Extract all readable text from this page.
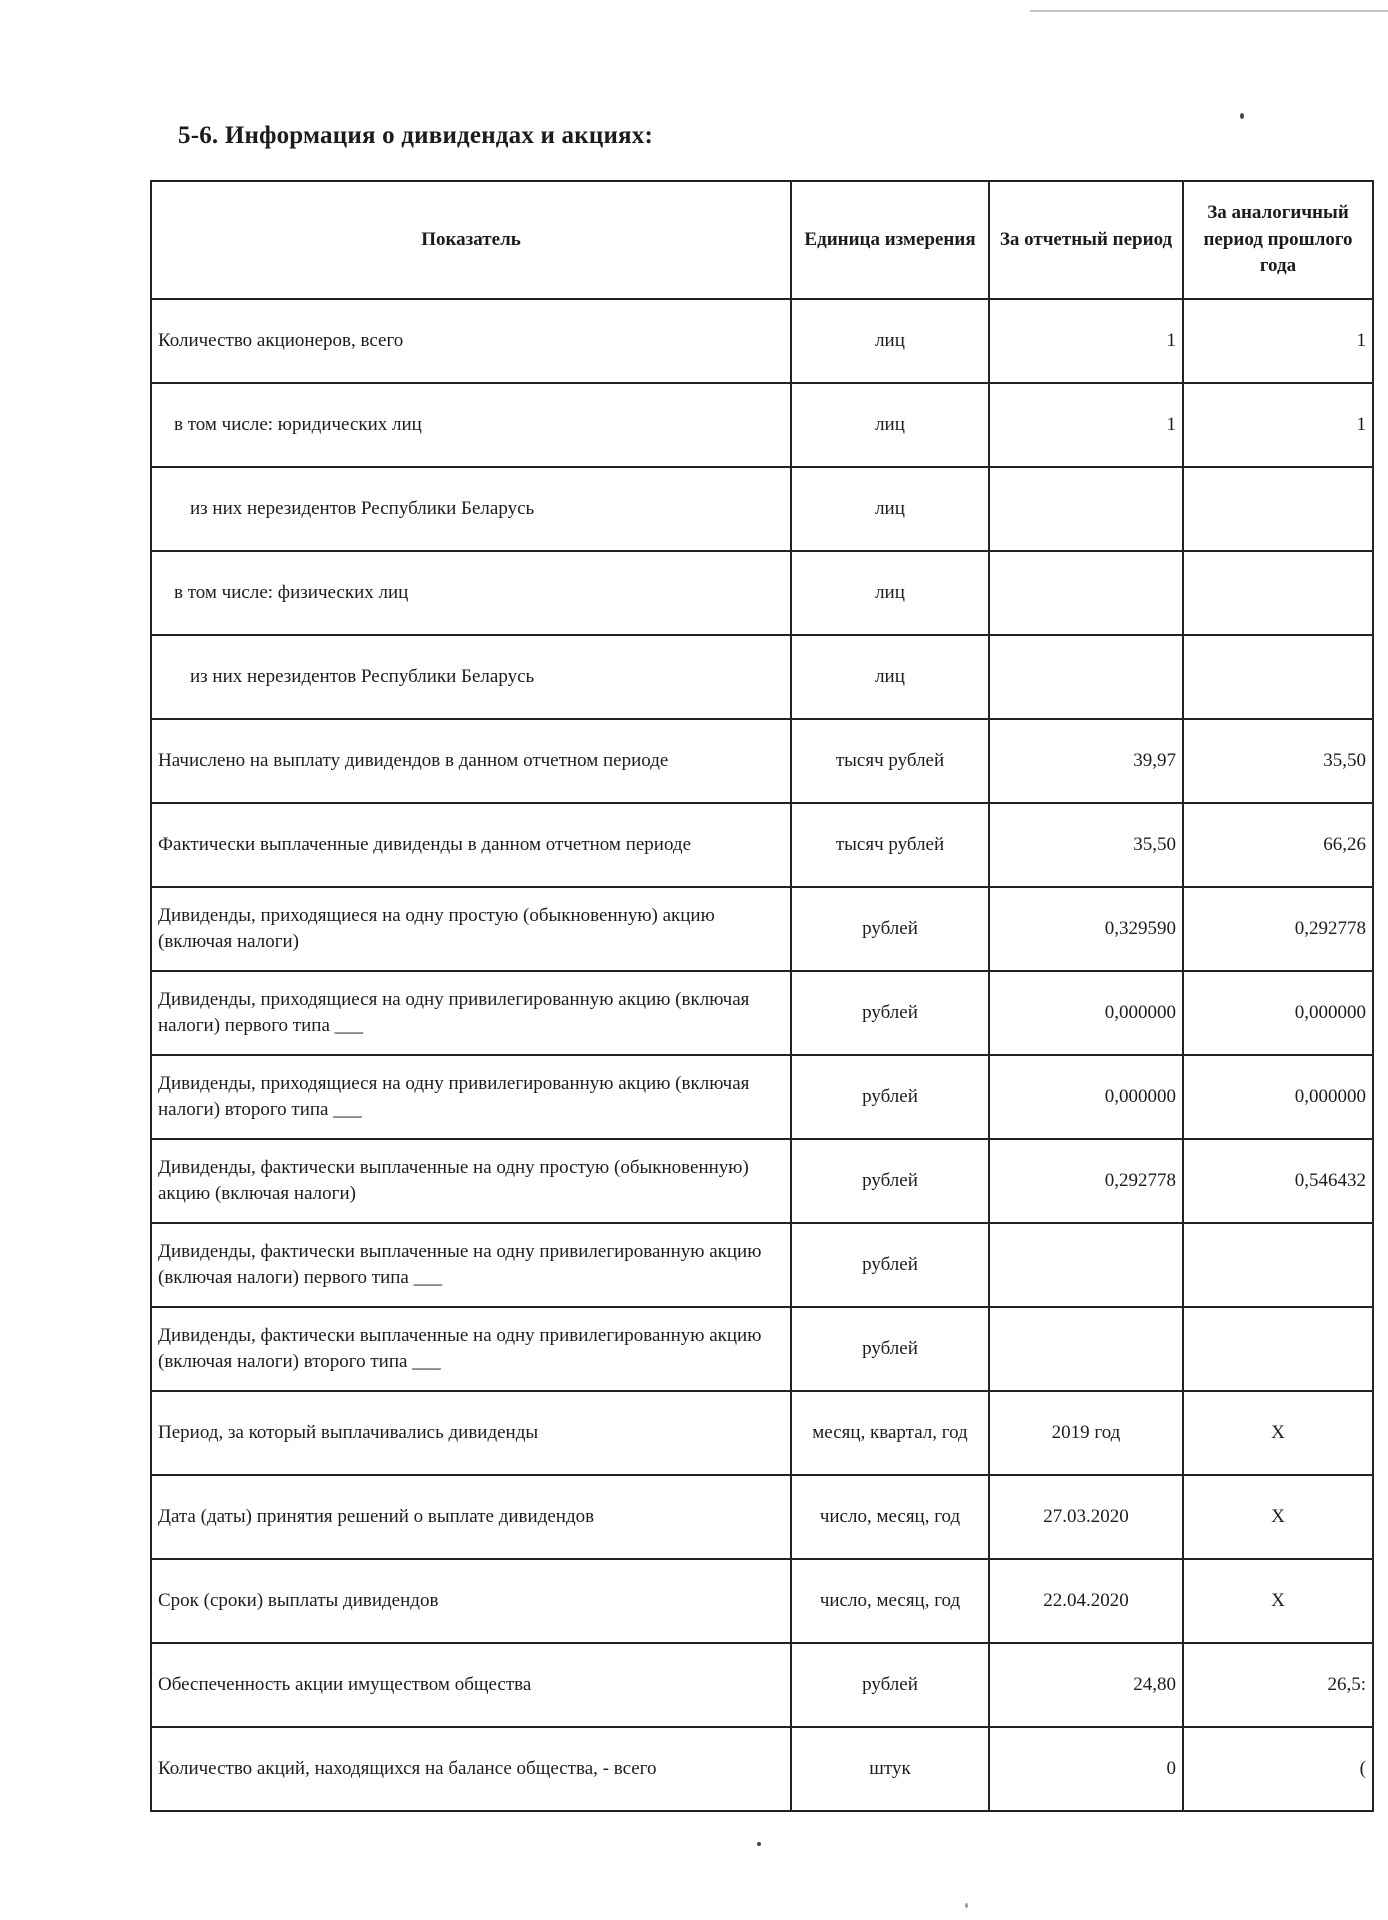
5-6. Информация о дивидендах и акциях:
Показатель	Единица измерения	За отчетный период	За аналогичный период прошлого года
Количество акционеров, всего	лиц	1	1
в том числе: юридических лиц	лиц	1	1
из них нерезидентов Республики Беларусь	лиц		
в том числе: физических лиц	лиц		
из них нерезидентов Республики Беларусь	лиц		
Начислено на выплату дивидендов в данном отчетном периоде	тысяч рублей	39,97	35,50
Фактически выплаченные дивиденды в данном отчетном периоде	тысяч рублей	35,50	66,26
Дивиденды, приходящиеся на одну простую (обыкновенную) акцию (включая налоги)	рублей	0,329590	0,292778
Дивиденды, приходящиеся на одну привилегированную акцию (включая налоги) первого типа ___	рублей	0,000000	0,000000
Дивиденды, приходящиеся на одну привилегированную акцию (включая налоги) второго типа ___	рублей	0,000000	0,000000
Дивиденды, фактически выплаченные на одну простую (обыкновенную) акцию (включая налоги)	рублей	0,292778	0,546432
Дивиденды, фактически выплаченные на одну привилегированную акцию (включая налоги) первого типа ___	рублей		
Дивиденды, фактически выплаченные на одну привилегированную акцию (включая налоги) второго типа ___	рублей		
Период, за который выплачивались дивиденды	месяц, квартал, год	2019 год	Х
Дата (даты) принятия решений о выплате дивидендов	число, месяц, год	27.03.2020	Х
Срок (сроки) выплаты дивидендов	число, месяц, год	22.04.2020	Х
Обеспеченность акции имуществом общества	рублей	24,80	26,5:
Количество акций, находящихся на балансе общества, - всего	штук	0	(
